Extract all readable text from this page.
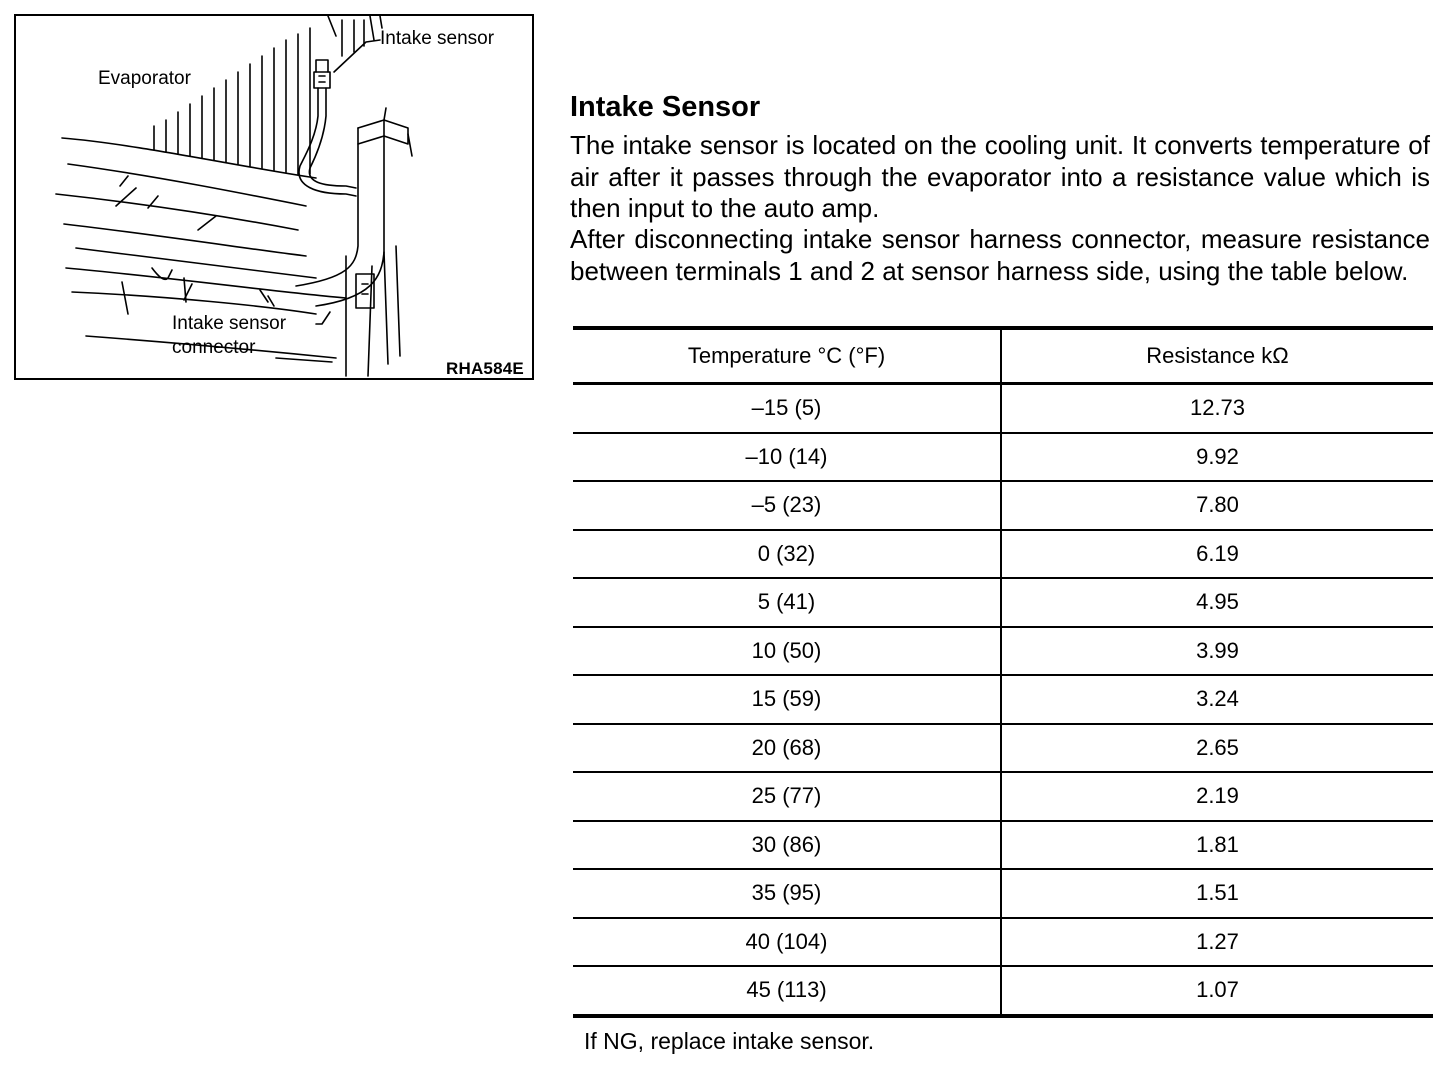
Evaporator
Intake sensor
Intake sensor
connector
RHA584E
Intake Sensor

The intake sensor is located on the cooling unit. It converts temperature of air after it passes through the evaporator into a resistance value which is then input to the auto amp.

After disconnecting intake sensor harness connector, measure resistance between terminals 1 and 2 at sensor harness side, using the table below.

Temperature °C (°F)	Resistance kΩ
–15 (5)	12.73
–10 (14)	9.92
–5 (23)	7.80
0 (32)	6.19
5 (41)	4.95
10 (50)	3.99
15 (59)	3.24
20 (68)	2.65
25 (77)	2.19
30 (86)	1.81
35 (95)	1.51
40 (104)	1.27
45 (113)	1.07

If NG, replace intake sensor.
